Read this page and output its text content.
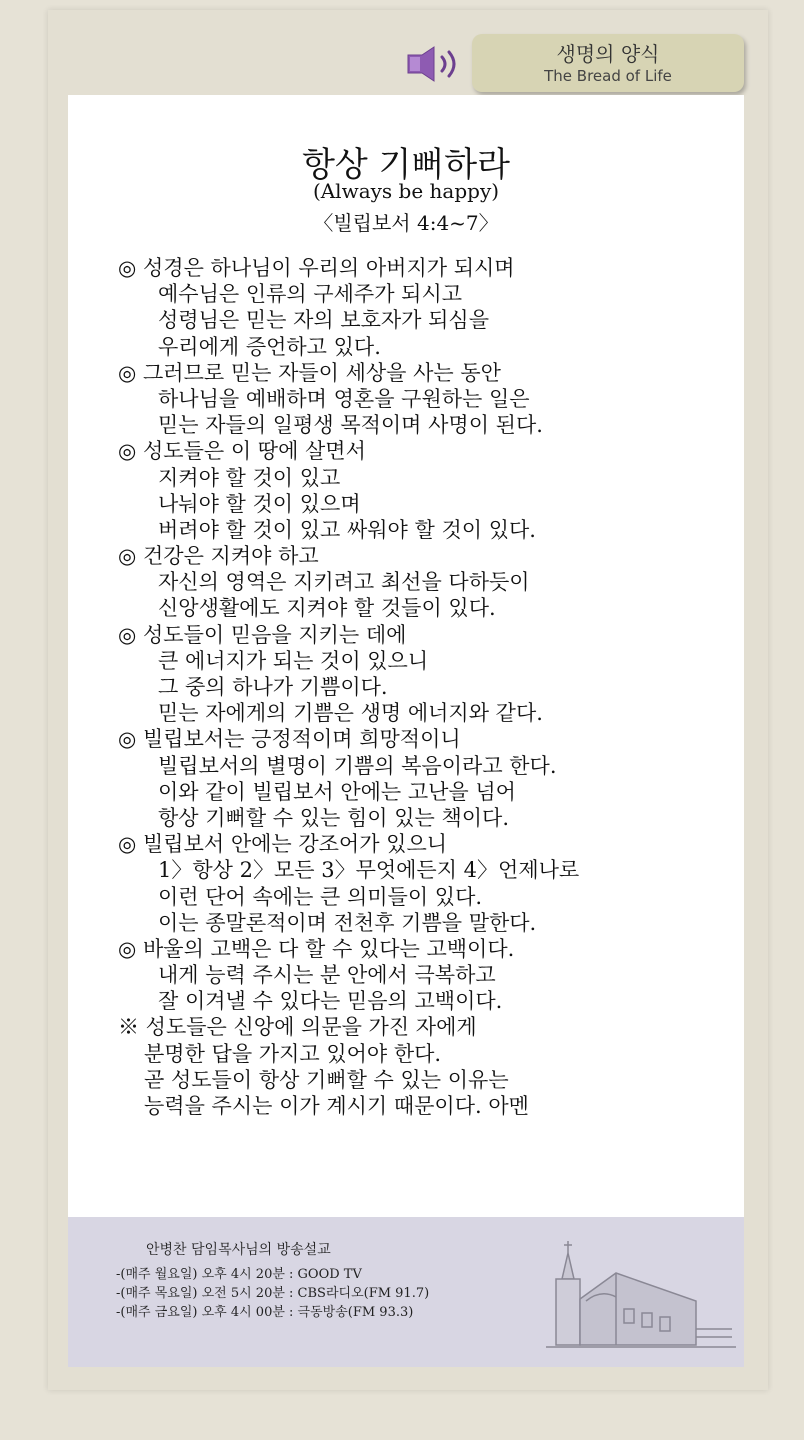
생명의 양식
The Bread of Life
항상 기뻐하라
(Always be happy)
〈빌립보서 4:4~7〉
◎ 성경은 하나님이 우리의 아버지가 되시며
예수님은 인류의 구세주가 되시고
성령님은 믿는 자의 보호자가 되심을
우리에게 증언하고 있다.
◎ 그러므로 믿는 자들이 세상을 사는 동안
하나님을 예배하며 영혼을 구원하는 일은
믿는 자들의 일평생 목적이며 사명이 된다.
◎ 성도들은 이 땅에 살면서
지켜야 할 것이 있고
나눠야 할 것이 있으며
버려야 할 것이 있고 싸워야 할 것이 있다.
◎ 건강은 지켜야 하고
자신의 영역은 지키려고 최선을 다하듯이
신앙생활에도 지켜야 할 것들이 있다.
◎ 성도들이 믿음을 지키는 데에
큰 에너지가 되는 것이 있으니
그 중의 하나가 기쁨이다.
믿는 자에게의 기쁨은 생명 에너지와 같다.
◎ 빌립보서는 긍정적이며 희망적이니
빌립보서의 별명이 기쁨의 복음이라고 한다.
이와 같이 빌립보서 안에는 고난을 넘어
항상 기뻐할 수 있는 힘이 있는 책이다.
◎ 빌립보서 안에는 강조어가 있으니
1〉항상 2〉모든 3〉무엇에든지 4〉언제나로
이런 단어 속에는 큰 의미들이 있다.
이는 종말론적이며 전천후 기쁨을 말한다.
◎ 바울의 고백은 다 할 수 있다는 고백이다.
내게 능력 주시는 분 안에서 극복하고
잘 이겨낼 수 있다는 믿음의 고백이다.
※ 성도들은 신앙에 의문을 가진 자에게
분명한 답을 가지고 있어야 한다.
곧 성도들이 항상 기뻐할 수 있는 이유는
능력을 주시는 이가 계시기 때문이다. 아멘
안병찬 담임목사님의 방송설교
-(매주 월요일) 오후 4시 20분 : GOOD TV
-(매주 목요일) 오전 5시 20분 : CBS라디오(FM 91.7)
-(매주 금요일) 오후 4시 00분 : 극동방송(FM 93.3)
